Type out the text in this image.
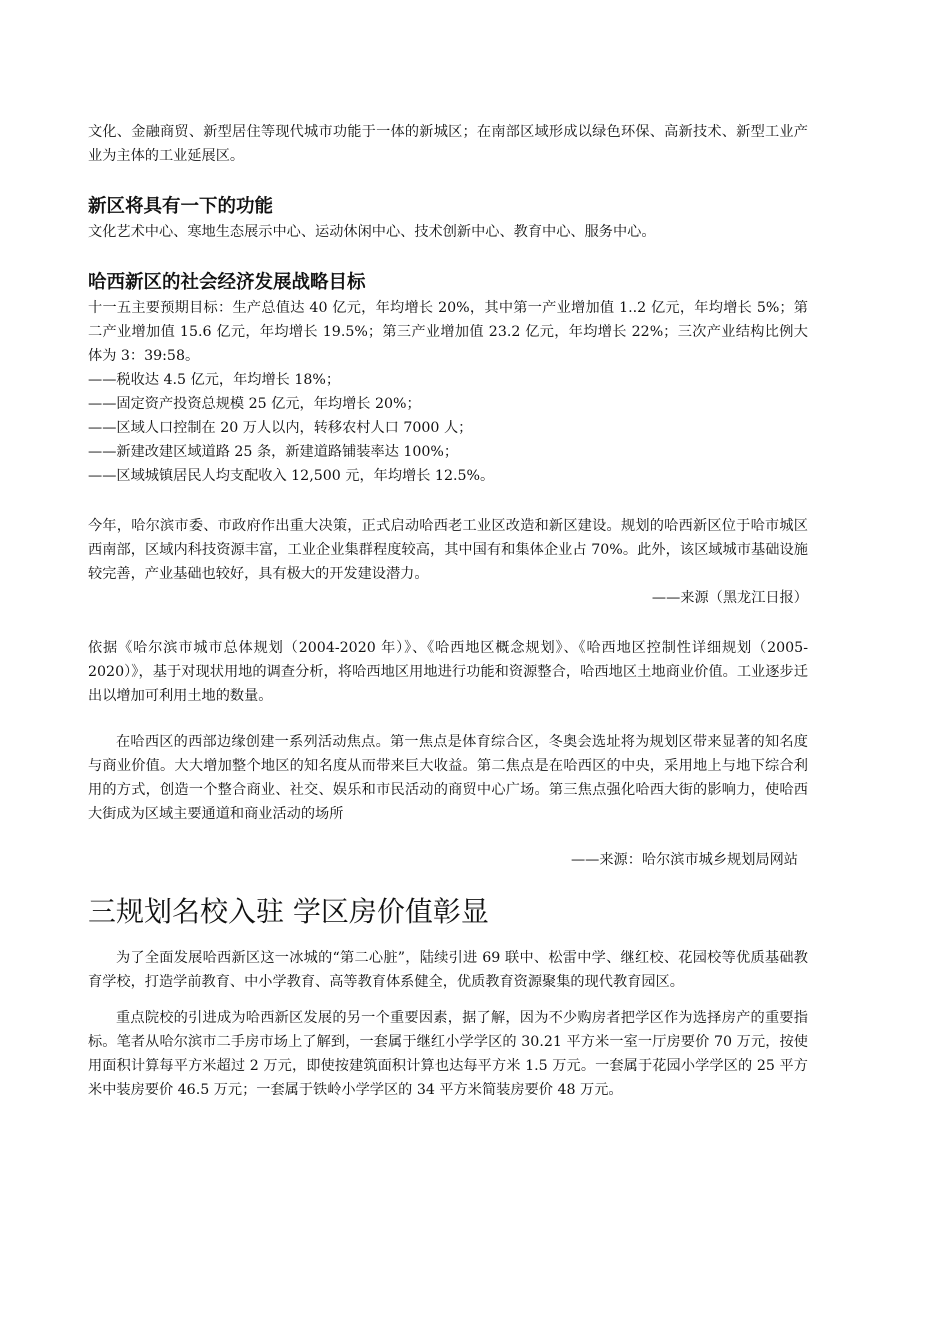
文化、金融商贸、新型居住等现代城市功能于一体的新城区；在南部区域形成以绿色环保、高新技术、新型工业产业为主体的工业延展区。

新区将具有一下的功能

文化艺术中心、寒地生态展示中心、运动休闲中心、技术创新中心、教育中心、服务中心。

哈西新区的社会经济发展战略目标

十一五主要预期目标：生产总值达 40 亿元，年均增长 20%，其中第一产业增加值 1..2 亿元，年均增长 5%；第二产业增加值 15.6 亿元，年均增长 19.5%；第三产业增加值 23.2 亿元，年均增长 22%；三次产业结构比例大体为 3：39:58。

——税收达 4.5 亿元，年均增长 18%；

——固定资产投资总规模 25 亿元，年均增长 20%；

——区域人口控制在 20 万人以内，转移农村人口 7000 人；

——新建改建区域道路 25 条，新建道路铺装率达 100%；

——区域城镇居民人均支配收入 12,500 元，年均增长 12.5%。

今年，哈尔滨市委、市政府作出重大决策，正式启动哈西老工业区改造和新区建设。规划的哈西新区位于哈市城区西南部，区域内科技资源丰富，工业企业集群程度较高，其中国有和集体企业占 70%。此外，该区域城市基础设施较完善，产业基础也较好，具有极大的开发建设潜力。

——来源（黑龙江日报）

依据《哈尔滨市城市总体规划（2004-2020 年）》、《哈西地区概念规划》、《哈西地区控制性详细规划（2005-2020）》，基于对现状用地的调查分析，将哈西地区用地进行功能和资源整合，哈西地区土地商业价值。工业逐步迁出以增加可利用土地的数量。

在哈西区的西部边缘创建一系列活动焦点。第一焦点是体育综合区，冬奥会选址将为规划区带来显著的知名度与商业价值。大大增加整个地区的知名度从而带来巨大收益。第二焦点是在哈西区的中央，采用地上与地下综合利用的方式，创造一个整合商业、社交、娱乐和市民活动的商贸中心广场。第三焦点强化哈西大街的影响力，使哈西大街成为区域主要通道和商业活动的场所

——来源：哈尔滨市城乡规划局网站

三规划名校入驻 学区房价值彰显

为了全面发展哈西新区这一冰城的“第二心脏”，陆续引进 69 联中、松雷中学、继红校、花园校等优质基础教育学校，打造学前教育、中小学教育、高等教育体系健全，优质教育资源聚集的现代教育园区。

重点院校的引进成为哈西新区发展的另一个重要因素，据了解，因为不少购房者把学区作为选择房产的重要指标。笔者从哈尔滨市二手房市场上了解到，一套属于继红小学学区的 30.21 平方米一室一厅房要价 70 万元，按使用面积计算每平方米超过 2 万元，即使按建筑面积计算也达每平方米 1.5 万元。一套属于花园小学学区的 25 平方米中装房要价 46.5 万元；一套属于铁岭小学学区的 34 平方米简装房要价 48 万元。
